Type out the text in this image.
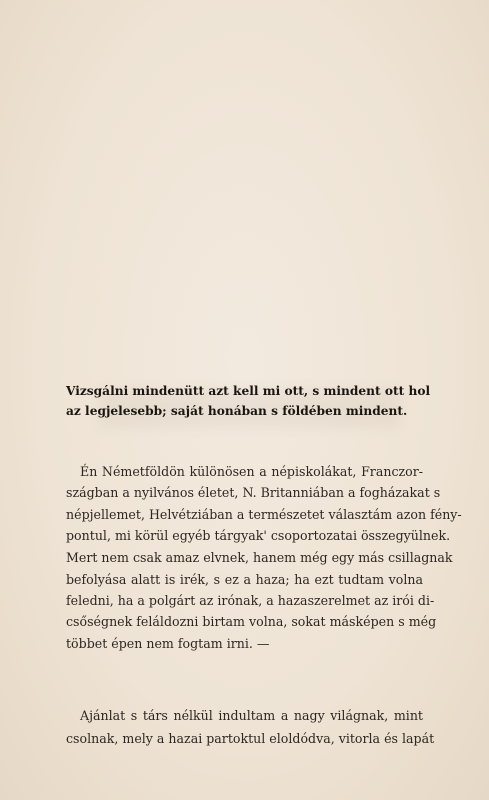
Vizsgálni mindenütt azt kell mi ott, s mindent ott hol
az legjelesebb; saját honában s földében mindent.
Én Németföldön különösen a népiskolákat, Franczor-
szágban a nyilvános életet, N. Britanniában a fogházakat s
népjellemet, Helvétziában a természetet választám azon fény-
pontul, mi körül egyéb tárgyak' csoportozatai összegyülnek.
Mert nem csak amaz elvnek, hanem még egy más csillagnak
befolyása alatt is irék, s ez a haza; ha ezt tudtam volna
feledni, ha a polgárt az irónak, a hazaszerelmet az irói di-
csőségnek feláldozni birtam volna, sokat másképen s még
többet épen nem fogtam irni. —
Ajánlat s társ nélkül indultam a nagy világnak, mint
csolnak, mely a hazai partoktul eloldódva, vitorla és lapát
